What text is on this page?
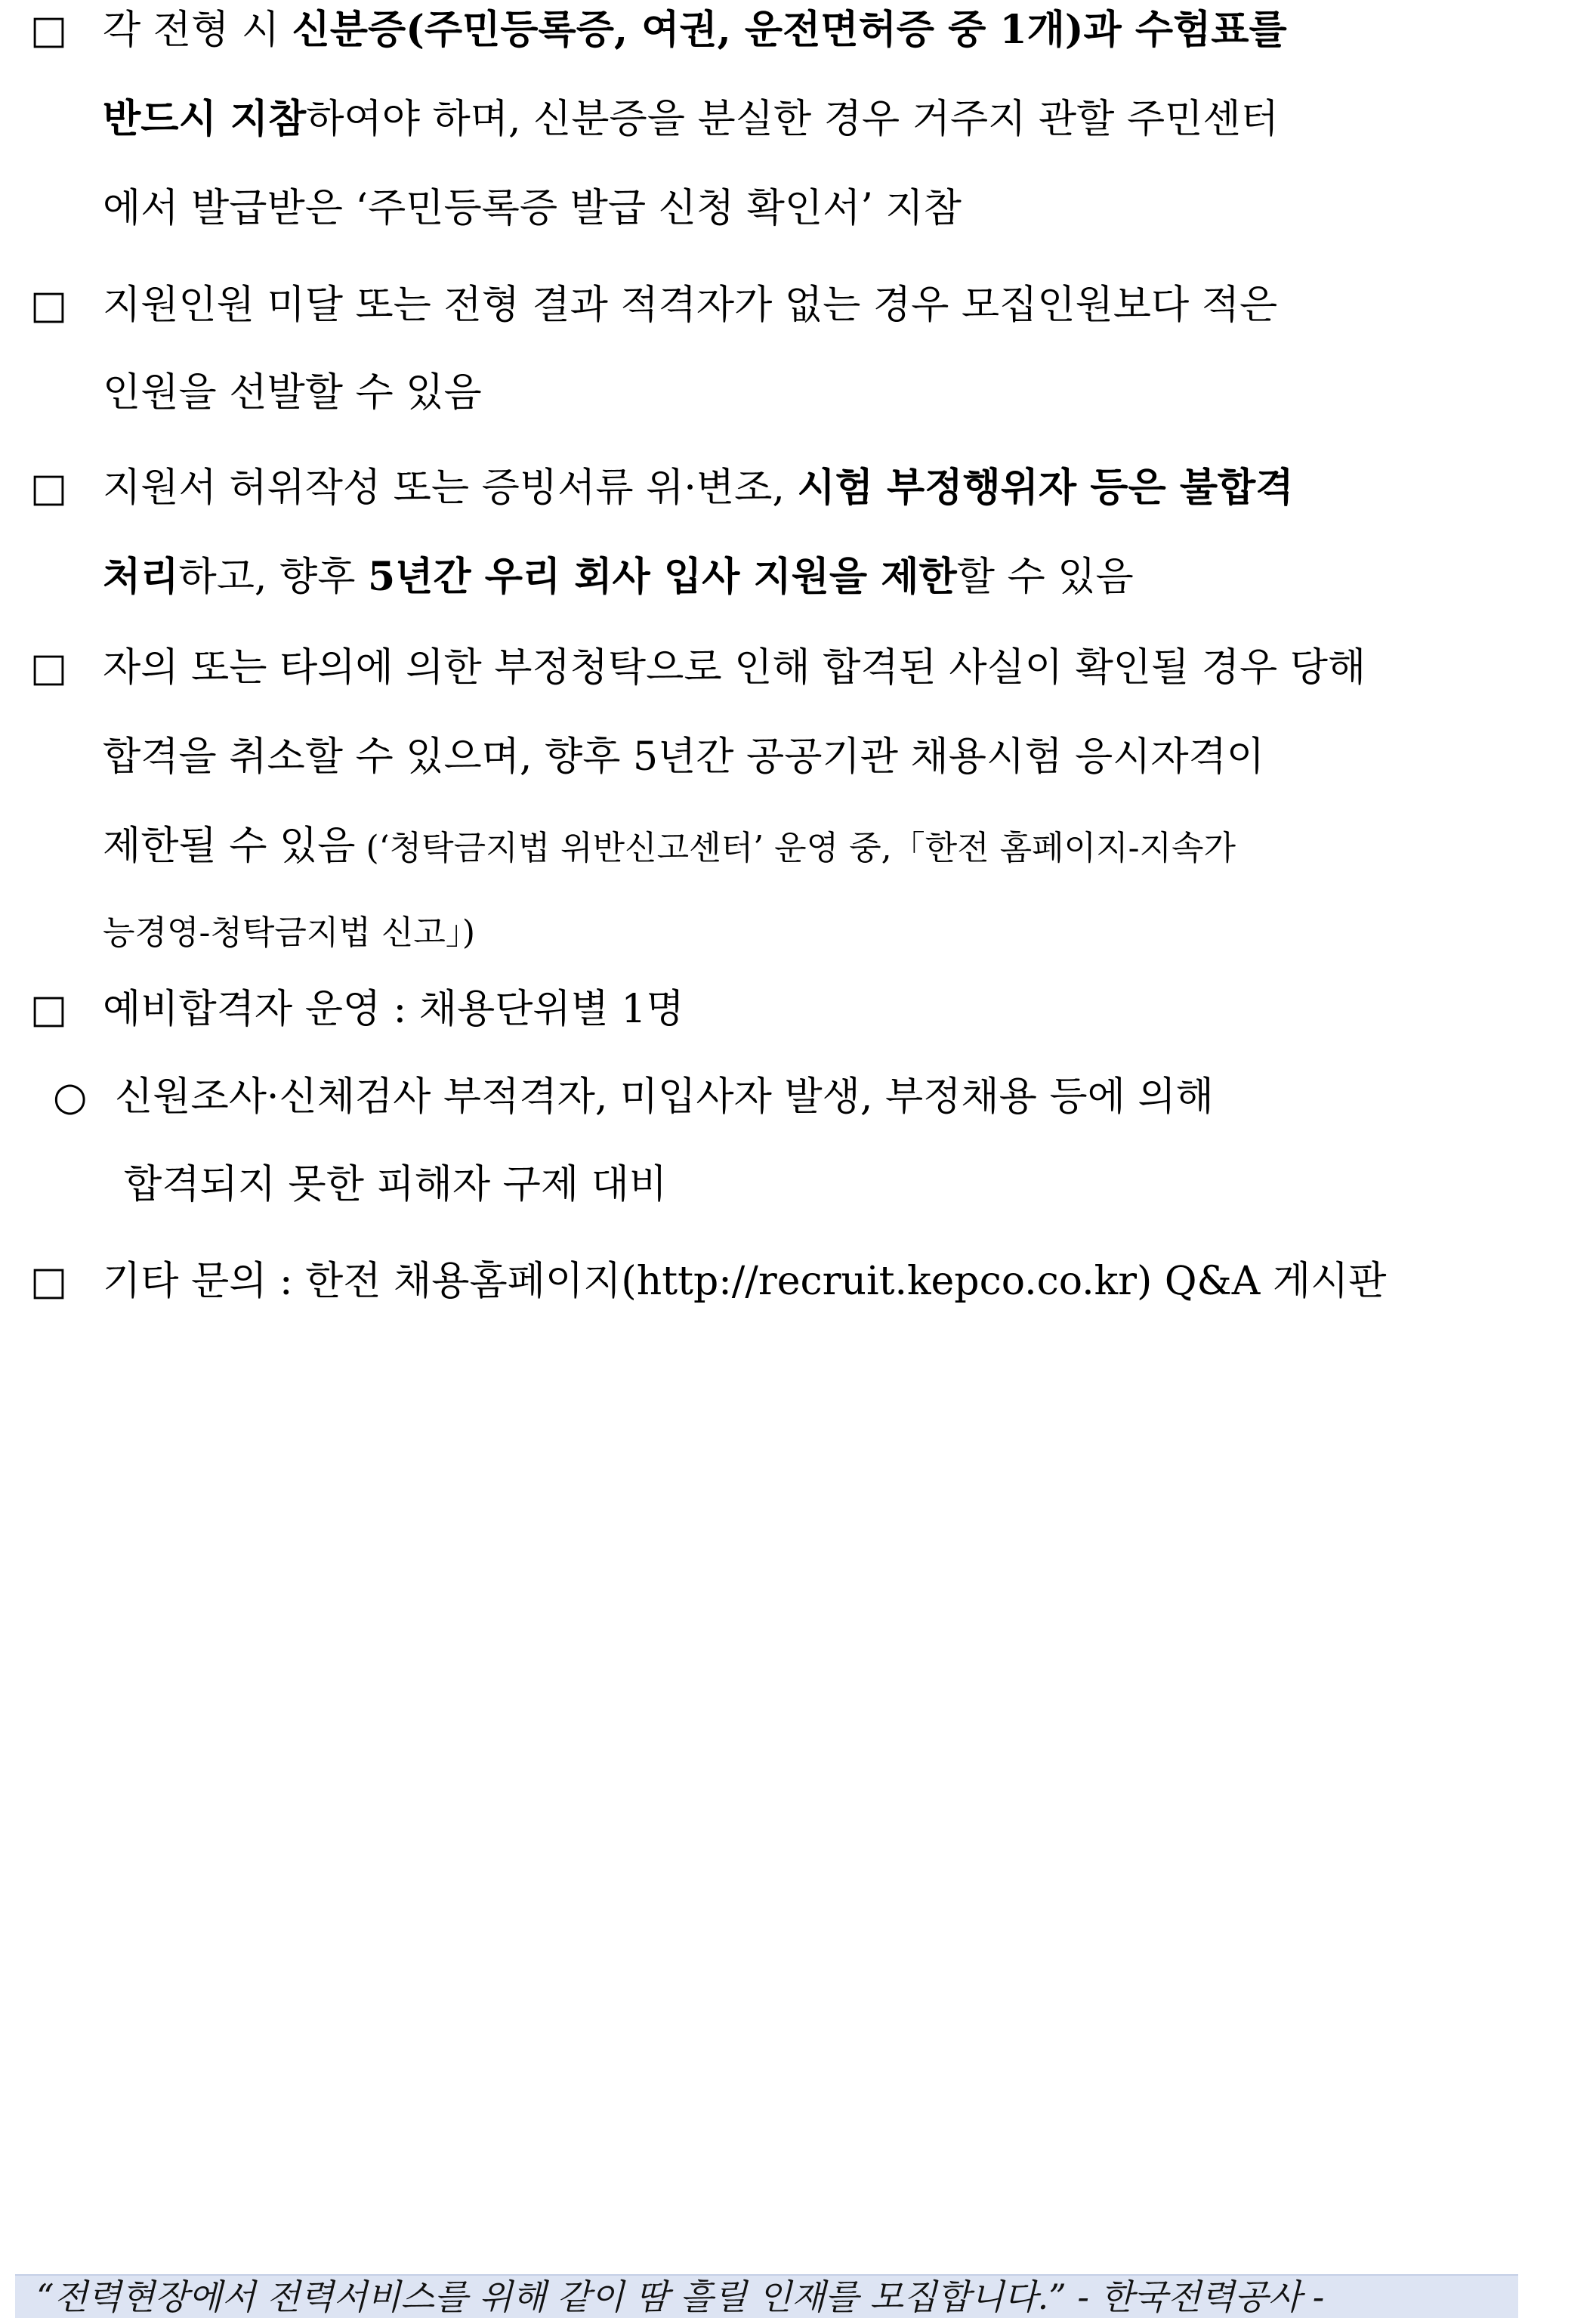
□ 각 전형 시 신분증(주민등록증, 여권, 운전면허증 중 1개)과 수험표를
반드시 지참하여야 하며, 신분증을 분실한 경우 거주지 관할 주민센터
에서 발급받은 ‘주민등록증 발급 신청 확인서’ 지참
□ 지원인원 미달 또는 전형 결과 적격자가 없는 경우 모집인원보다 적은
인원을 선발할 수 있음
□ 지원서 허위작성 또는 증빙서류 위·변조, 시험 부정행위자 등은 불합격
처리하고, 향후 5년간 우리 회사 입사 지원을 제한할 수 있음
□ 자의 또는 타의에 의한 부정청탁으로 인해 합격된 사실이 확인될 경우 당해
합격을 취소할 수 있으며, 향후 5년간 공공기관 채용시험 응시자격이
제한될 수 있음 (‘청탁금지법 위반신고센터’ 운영 중,「한전 홈페이지-지속가
능경영-청탁금지법 신고」)
□ 예비합격자 운영 : 채용단위별 1명
○ 신원조사·신체검사 부적격자, 미입사자 발생, 부정채용 등에 의해
합격되지 못한 피해자 구제 대비
□ 기타 문의 : 한전 채용홈페이지(http://recruit.kepco.co.kr) Q&A 게시판
“전력현장에서 전력서비스를 위해 같이 땀 흘릴 인재를 모집합니다.” - 한국전력공사 -
